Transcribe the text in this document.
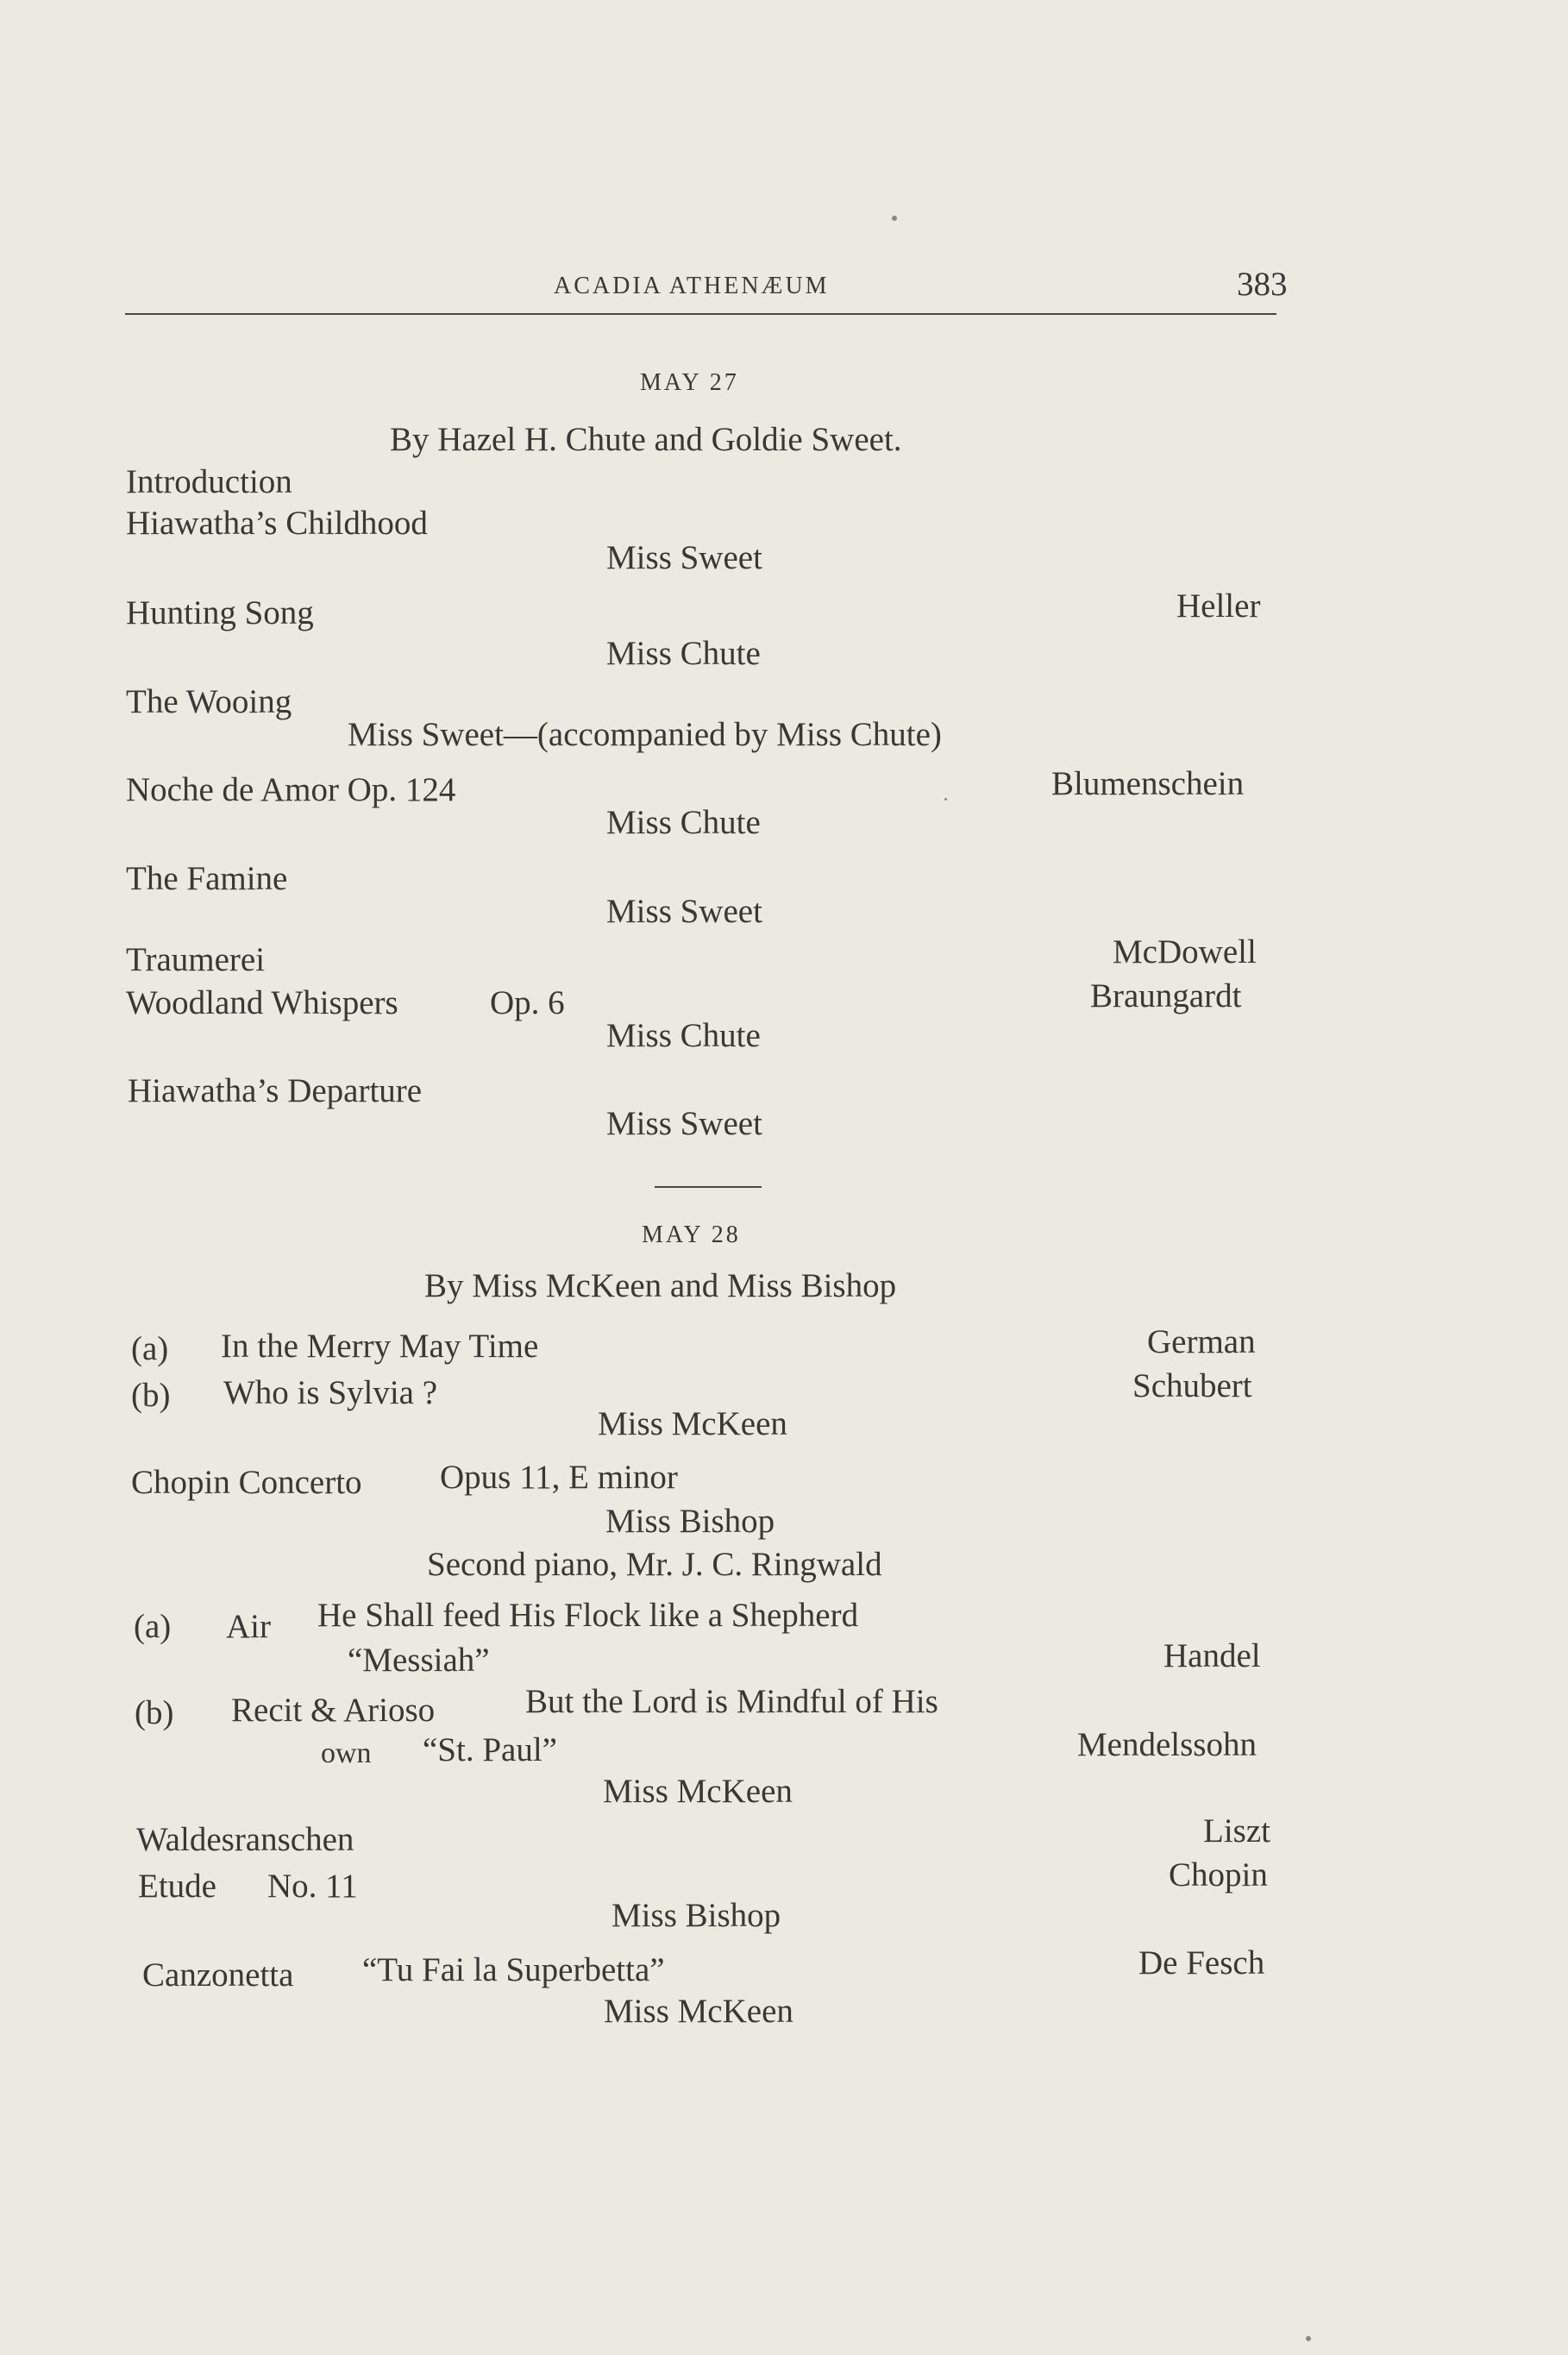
ACADIA ATHENÆUM	383
MAY 27
By Hazel H. Chute and Goldie Sweet.
Introduction
Hiawatha’s Childhood
Miss Sweet
Hunting Song	Heller
Miss Chute
The Wooing
Miss Sweet—(accompanied by Miss Chute)
Noche de Amor Op. 124	Blumenschein
Miss Chute
The Famine
Miss Sweet
Traumerei	McDowell
Woodland Whispers	Op. 6	Braungardt
Miss Chute
Hiawatha’s Departure
Miss Sweet
MAY 28
By Miss McKeen and Miss Bishop
(a) In the Merry May Time	German
(b) Who is Sylvia ?	Schubert
Miss McKeen
Chopin Concerto Opus 11, E minor
Miss Bishop
Second piano, Mr. J. C. Ringwald
(a) Air He Shall feed His Flock like a Shepherd
“Messiah”	Handel
(b) Recit & Arioso	But the Lord is Mindful of His
own “St. Paul”	Mendelssohn
Miss McKeen
Waldesranschen	Liszt
Etude No. 11	Chopin
Miss Bishop
Canzonetta “Tu Fai la Superbetta”	De Fesch
Miss McKeen
